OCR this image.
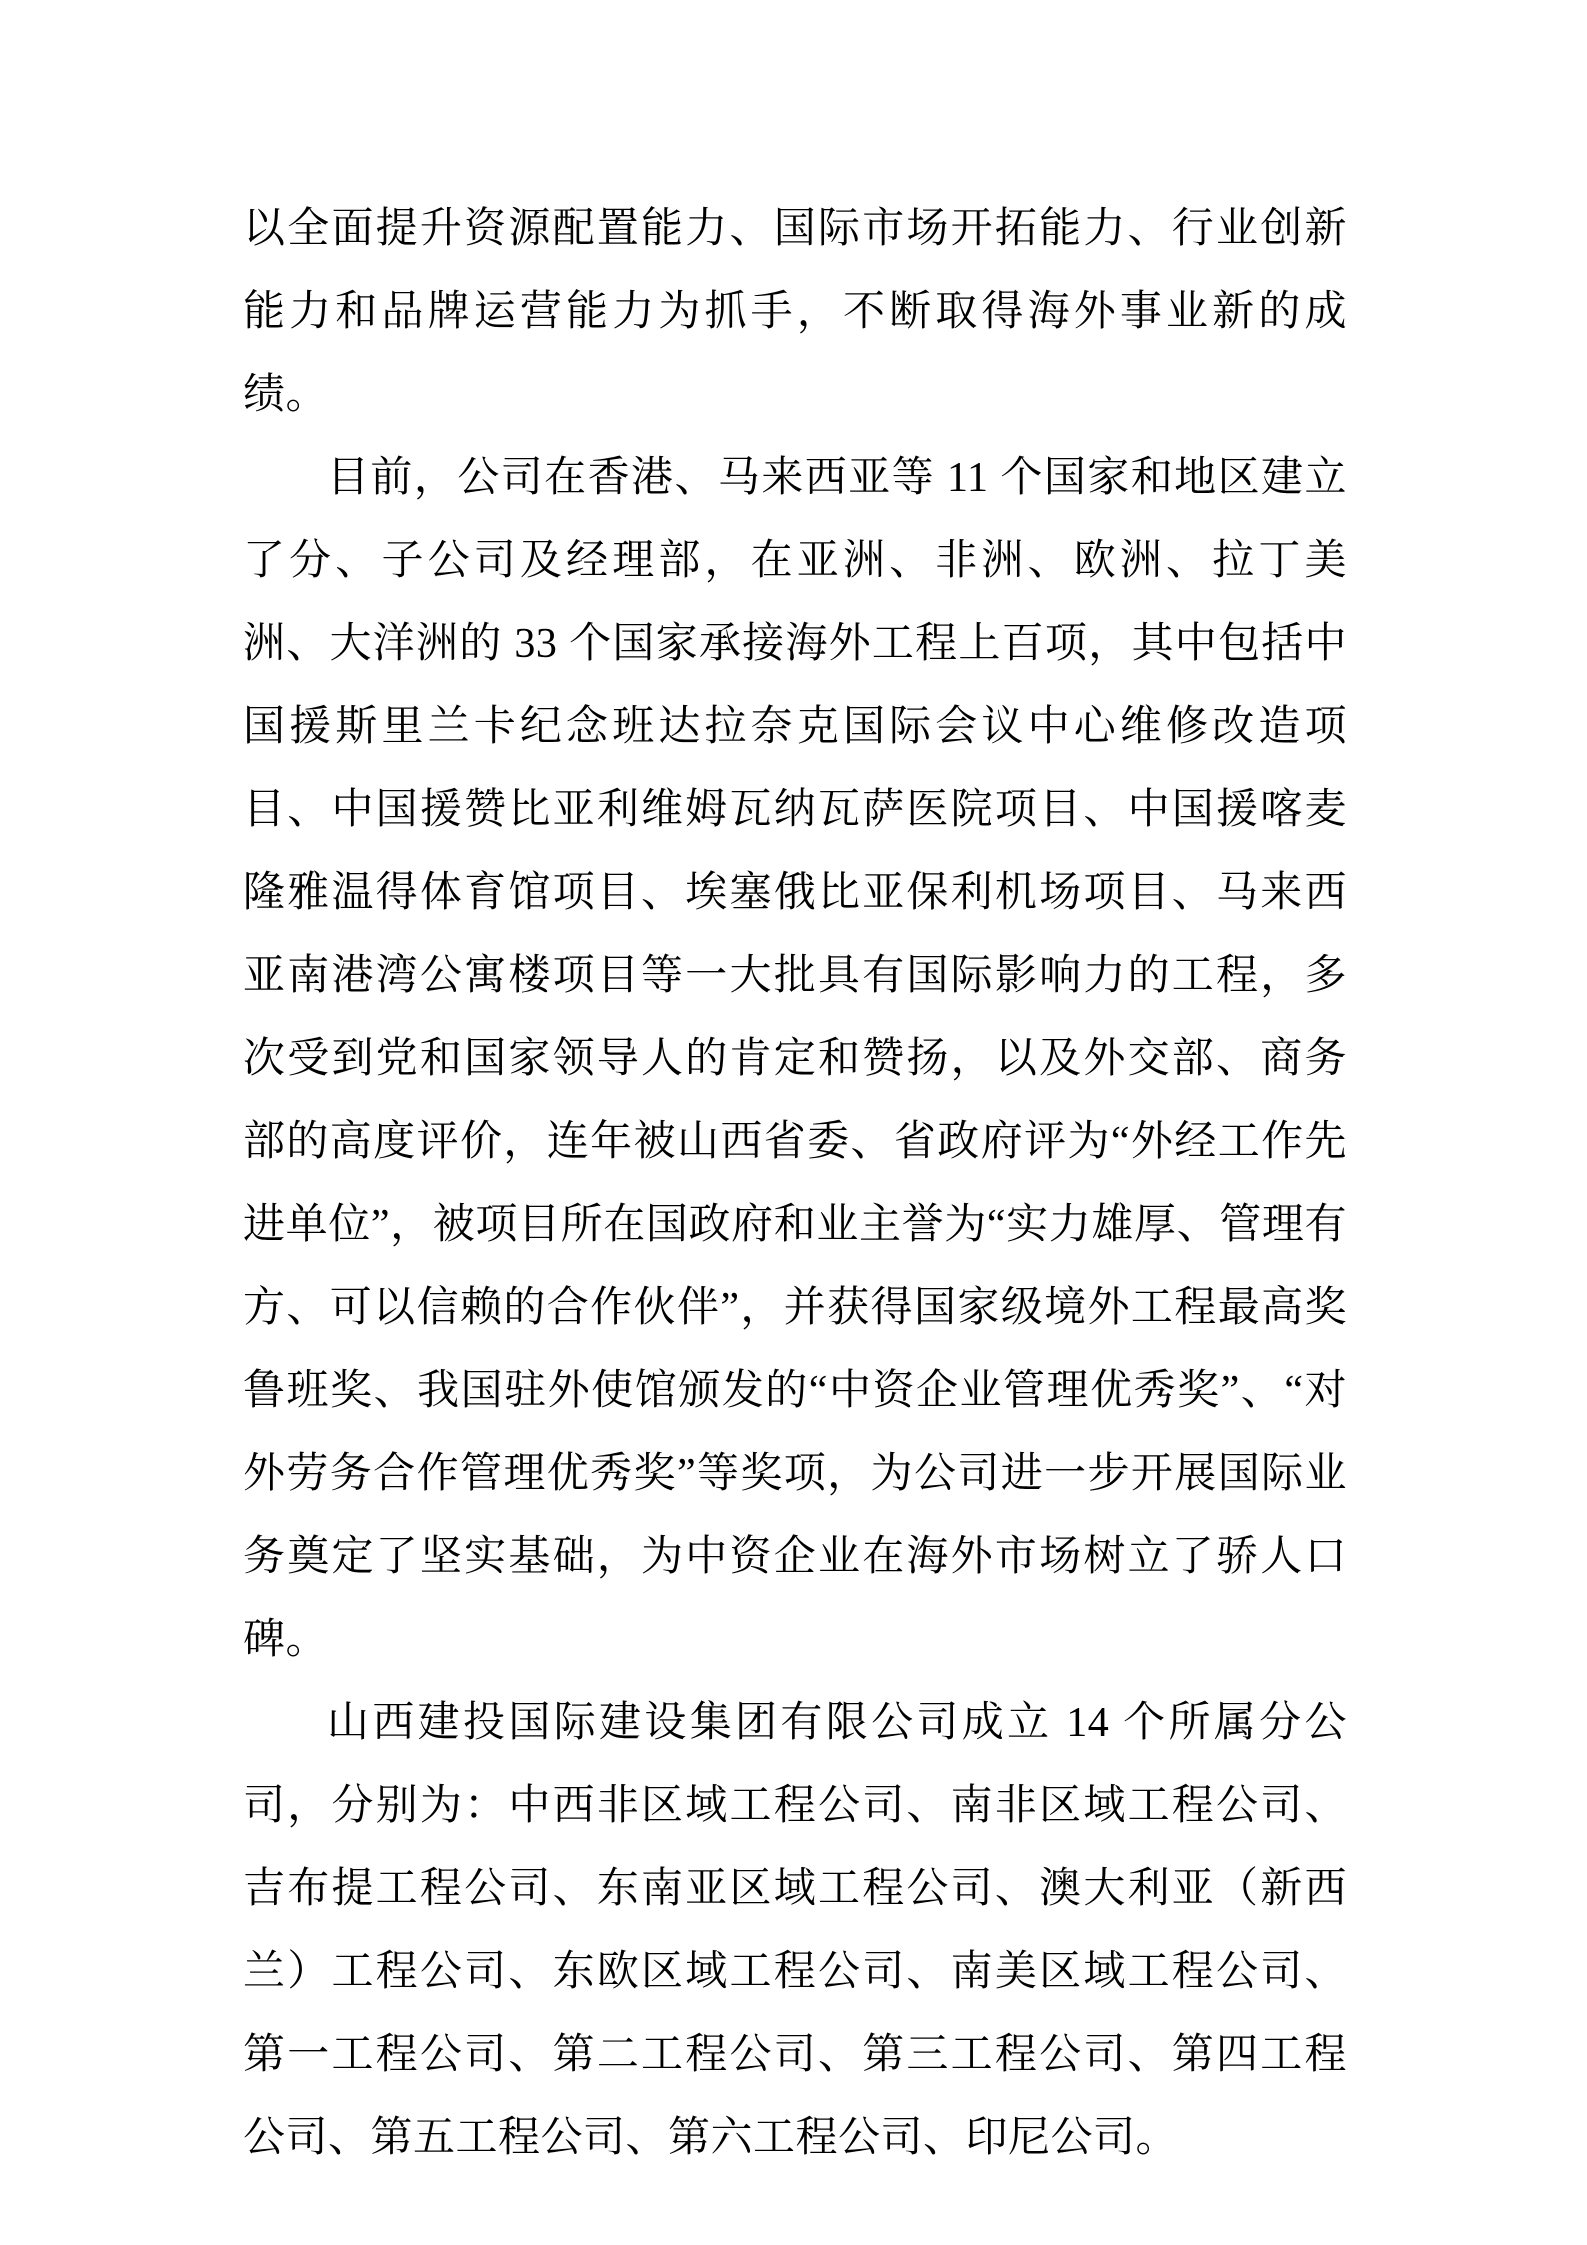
以全面提升资源配置能力、国际市场开拓能力、行业创新能力和品牌运营能力为抓手，不断取得海外事业新的成绩。

目前，公司在香港、马来西亚等 11 个国家和地区建立了分、子公司及经理部，在亚洲、非洲、欧洲、拉丁美洲、大洋洲的 33 个国家承接海外工程上百项，其中包括中国援斯里兰卡纪念班达拉奈克国际会议中心维修改造项目、中国援赞比亚利维姆瓦纳瓦萨医院项目、中国援喀麦隆雅温得体育馆项目、埃塞俄比亚保利机场项目、马来西亚南港湾公寓楼项目等一大批具有国际影响力的工程，多次受到党和国家领导人的肯定和赞扬，以及外交部、商务部的高度评价，连年被山西省委、省政府评为“外经工作先进单位”，被项目所在国政府和业主誉为“实力雄厚、管理有方、可以信赖的合作伙伴”，并获得国家级境外工程最高奖鲁班奖、我国驻外使馆颁发的“中资企业管理优秀奖”、“对外劳务合作管理优秀奖”等奖项，为公司进一步开展国际业务奠定了坚实基础，为中资企业在海外市场树立了骄人口碑。

山西建投国际建设集团有限公司成立 14 个所属分公司，分别为：中西非区域工程公司、南非区域工程公司、吉布提工程公司、东南亚区域工程公司、澳大利亚（新西兰）工程公司、东欧区域工程公司、南美区域工程公司、第一工程公司、第二工程公司、第三工程公司、第四工程公司、第五工程公司、第六工程公司、印尼公司。
